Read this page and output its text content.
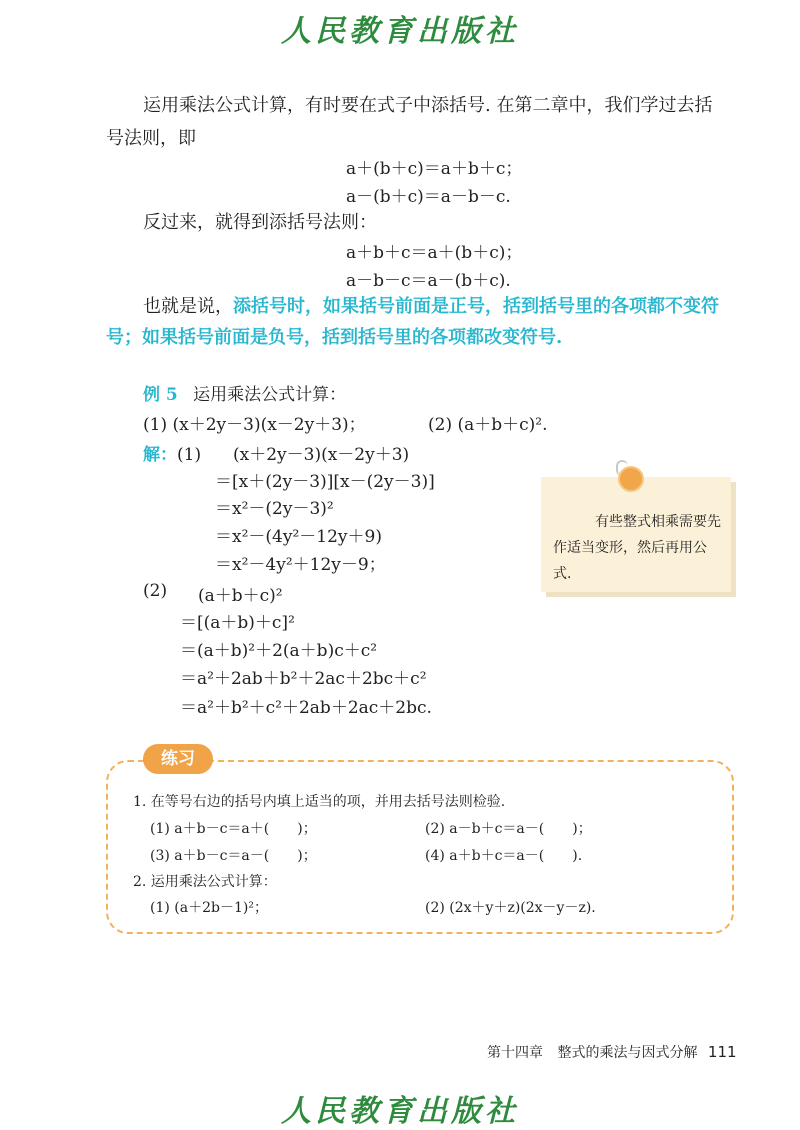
人民教育出版社
运用乘法公式计算，有时要在式子中添括号. 在第二章中，我们学过去括
号法则，即
a＋(b＋c)＝a＋b＋c；
a－(b＋c)＝a－b－c.
反过来，就得到添括号法则：
a＋b＋c＝a＋(b＋c)；
a－b－c＝a－(b＋c).
也就是说，添括号时，如果括号前面是正号，括到括号里的各项都不变符
号；如果括号前面是负号，括到括号里的各项都改变符号.
例 5 运用乘法公式计算：
(1) (x＋2y－3)(x－2y＋3)；	(2) (a＋b＋c)².
解：(1) (x＋2y－3)(x－2y＋3)
＝[x＋(2y－3)][x－(2y－3)]
＝x²－(2y－3)²
＝x²－(4y²－12y＋9)
＝x²－4y²＋12y－9；
(2) (a＋b＋c)²
＝[(a＋b)＋c]²
＝(a＋b)²＋2(a＋b)c＋c²
＝a²＋2ab＋b²＋2ac＋2bc＋c²
＝a²＋b²＋c²＋2ab＋2ac＋2bc.
有些整式相乘需要先作适当变形，然后再用公式.
练习
1. 在等号右边的括号内填上适当的项，并用去括号法则检验.
(1) a＋b－c＝a＋(　　)；	(2) a－b＋c＝a－(　　)；
(3) a＋b－c＝a－(　　)；	(4) a＋b＋c＝a－(　　).
2. 运用乘法公式计算：
(1) (a＋2b－1)²；	(2) (2x＋y＋z)(2x－y－z).
第十四章 整式的乘法与因式分解 111
人民教育出版社
